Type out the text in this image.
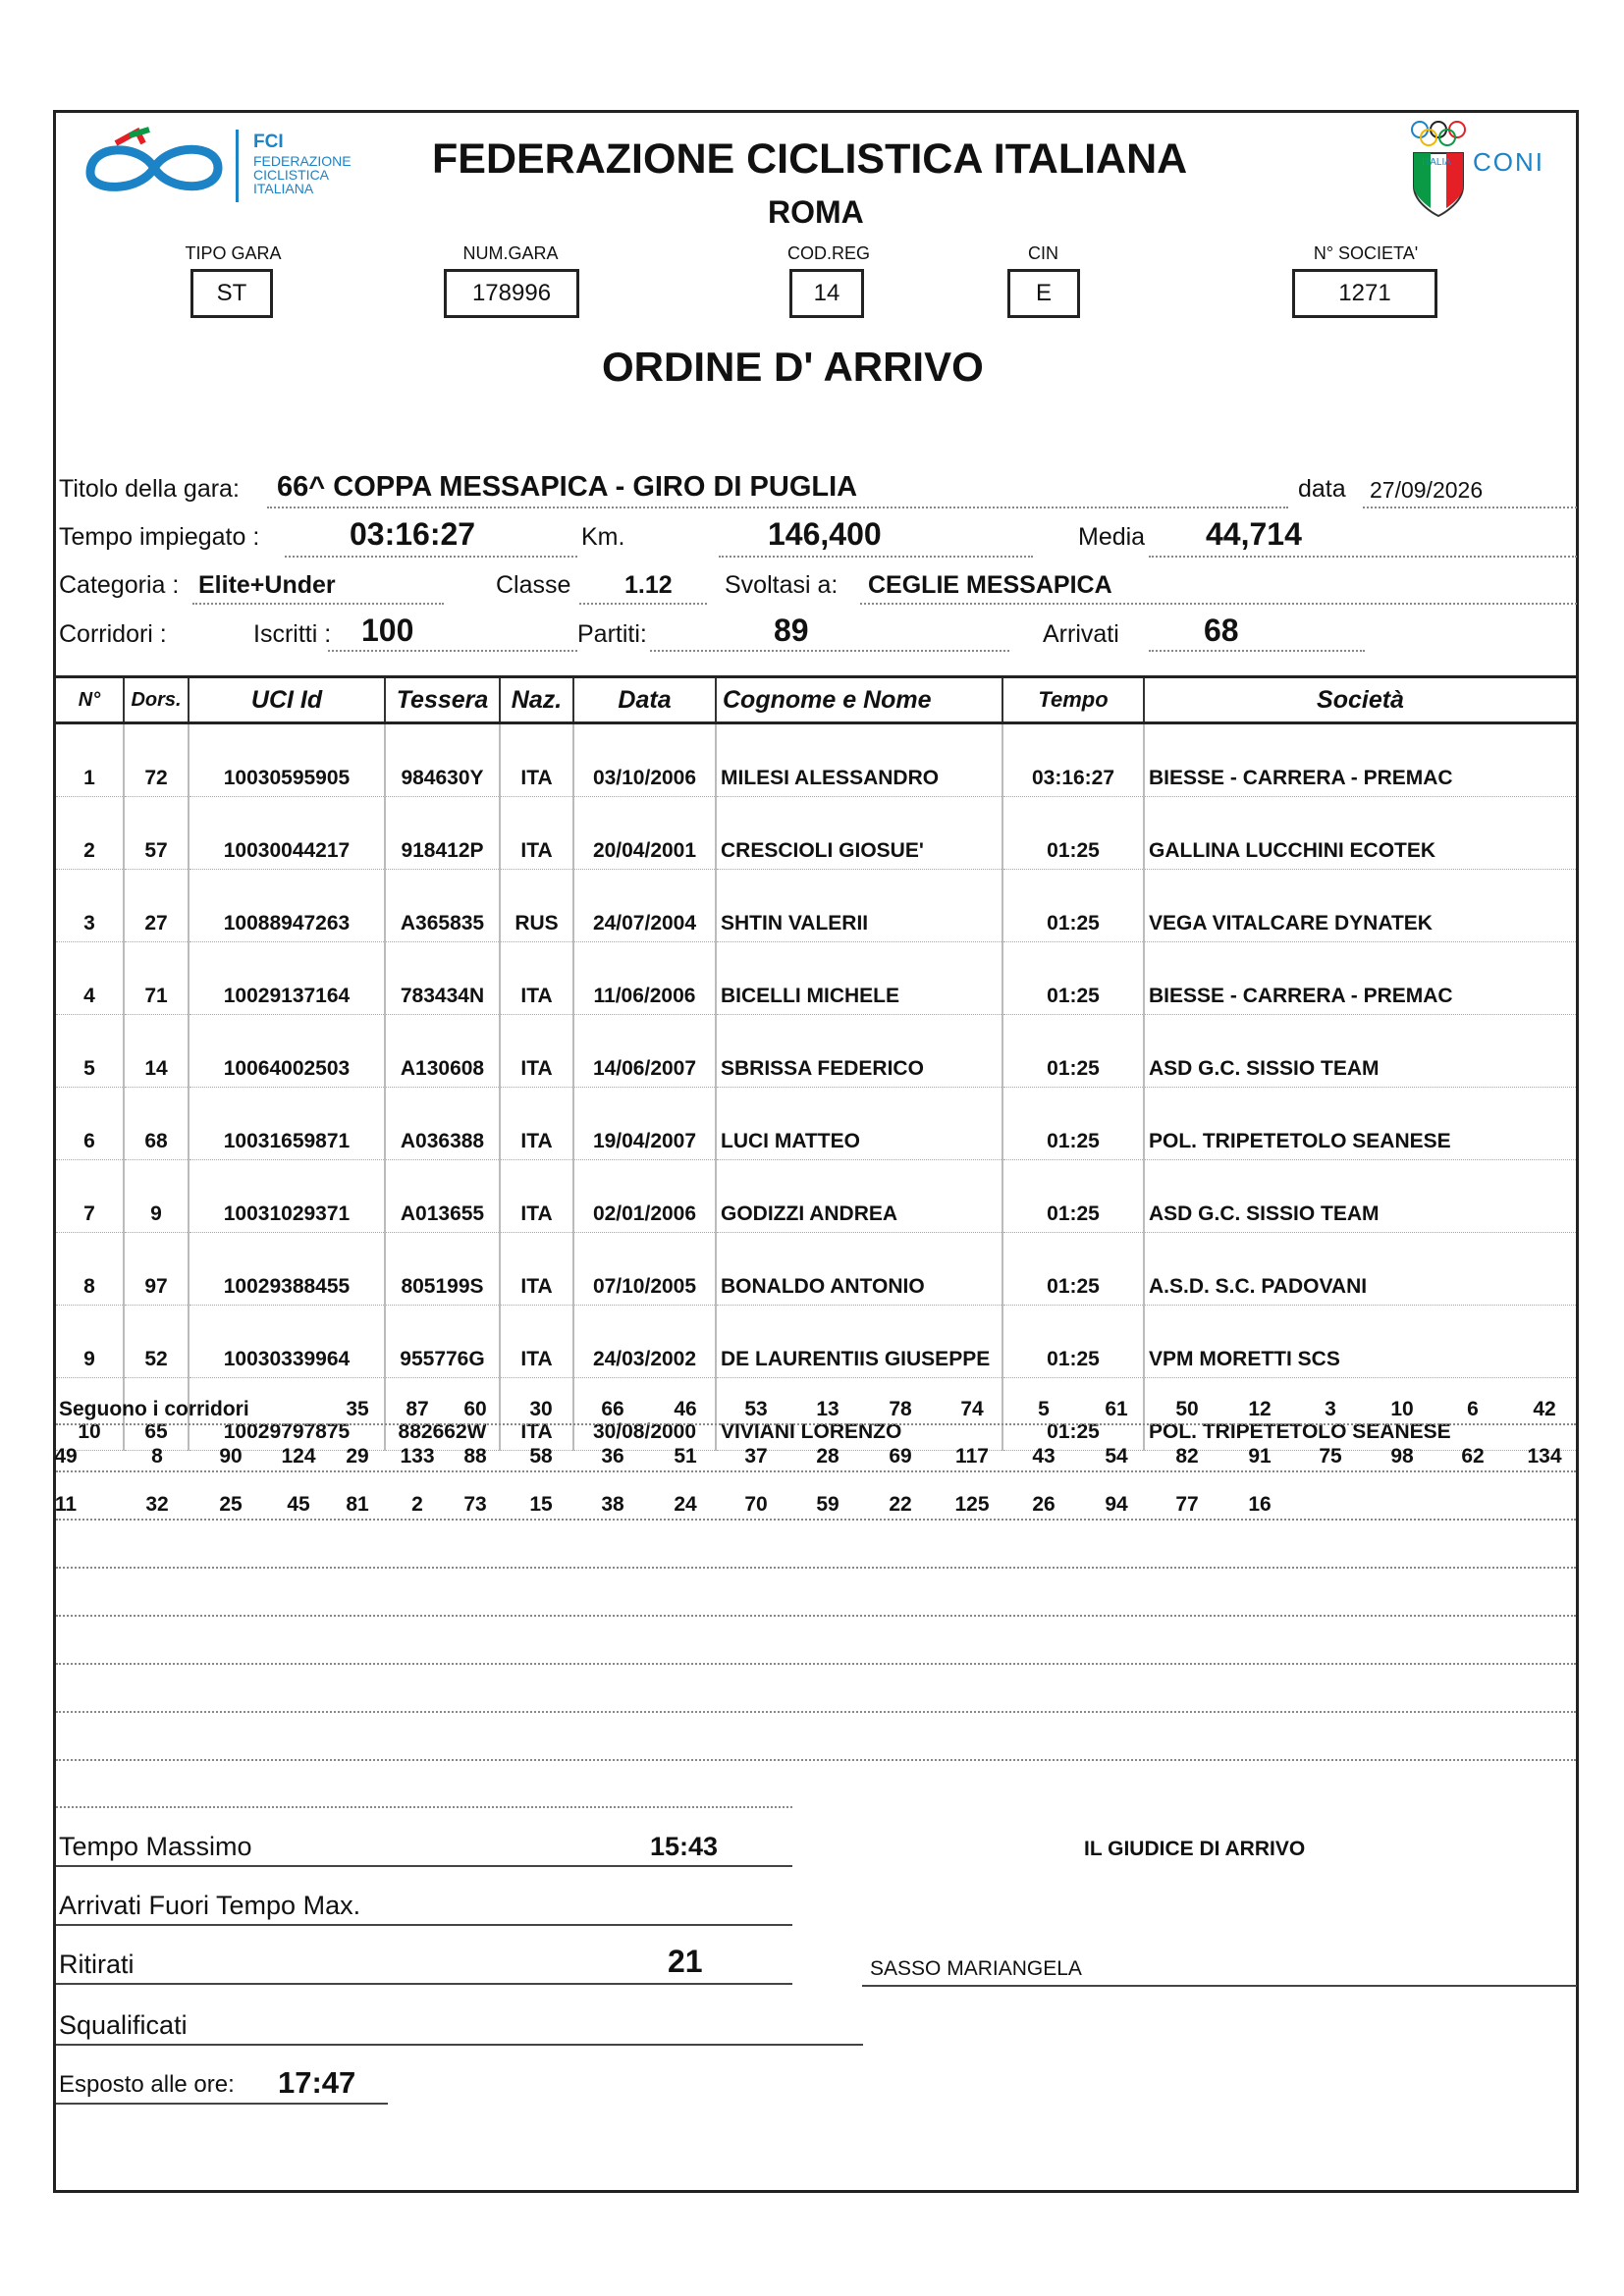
FCI
FEDERAZIONE
CICLISTICA
ITALIANA
FEDERAZIONE CICLISTICA ITALIANA
ROMA
ITALIA CONI
TIPO GARA
ST
NUM.GARA
178996
COD.REG
14
CIN
E
N° SOCIETA'
1271
ORDINE D' ARRIVO
Titolo della gara: 66^ COPPA MESSAPICA - GIRO DI PUGLIA	data 27/09/2026
Tempo impiegato :	03:16:27	Km.	146,400	Media 44,714
Categoria : Elite+Under	Classe 1.12 Svoltasi a: CEGLIE MESSAPICA
Corridori :	Iscritti : 100	Partiti:	89	Arrivati	68
N°	Dors.	UCI Id	Tessera	Naz.	Data	Cognome e Nome	Tempo	Società
1	72	10030595905	984630Y	ITA	03/10/2006	MILESI ALESSANDRO	03:16:27	BIESSE - CARRERA - PREMAC
2	57	10030044217	918412P	ITA	20/04/2001	CRESCIOLI GIOSUE'	01:25	GALLINA LUCCHINI ECOTEK
3	27	10088947263	A365835	RUS	24/07/2004	SHTIN VALERII	01:25	VEGA VITALCARE DYNATEK
4	71	10029137164	783434N	ITA	11/06/2006	BICELLI MICHELE	01:25	BIESSE - CARRERA - PREMAC
5	14	10064002503	A130608	ITA	14/06/2007	SBRISSA FEDERICO	01:25	ASD G.C. SISSIO TEAM
6	68	10031659871	A036388	ITA	19/04/2007	LUCI MATTEO	01:25	POL. TRIPETETOLO SEANESE
7	9	10031029371	A013655	ITA	02/01/2006	GODIZZI ANDREA	01:25	ASD G.C. SISSIO TEAM
8	97	10029388455	805199S	ITA	07/10/2005	BONALDO ANTONIO	01:25	A.S.D. S.C. PADOVANI
9	52	10030339964	955776G	ITA	24/03/2002	DE LAURENTIIS GIUSEPPE	01:25	VPM MORETTI SCS
10	65	10029797875	882662W	ITA	30/08/2000	VIVIANI LORENZO	01:25	POL. TRIPETETOLO SEANESE
Seguono i corridori	35	87	60	30	66	46	53	13	78	74	5	61	50	12	3	10	6	42
49	8	90	124	29	133	88	58	36	51	37	28	69	117	43	54	82	91	75	98	62	134
11	32	25	45	81	2	73	15	38	24	70	59	22	125	26	94	77	16
Tempo Massimo	15:43
Arrivati Fuori Tempo Max.
Ritirati	21
Squalificati
Esposto alle ore: 17:47
IL GIUDICE DI ARRIVO
SASSO MARIANGELA
